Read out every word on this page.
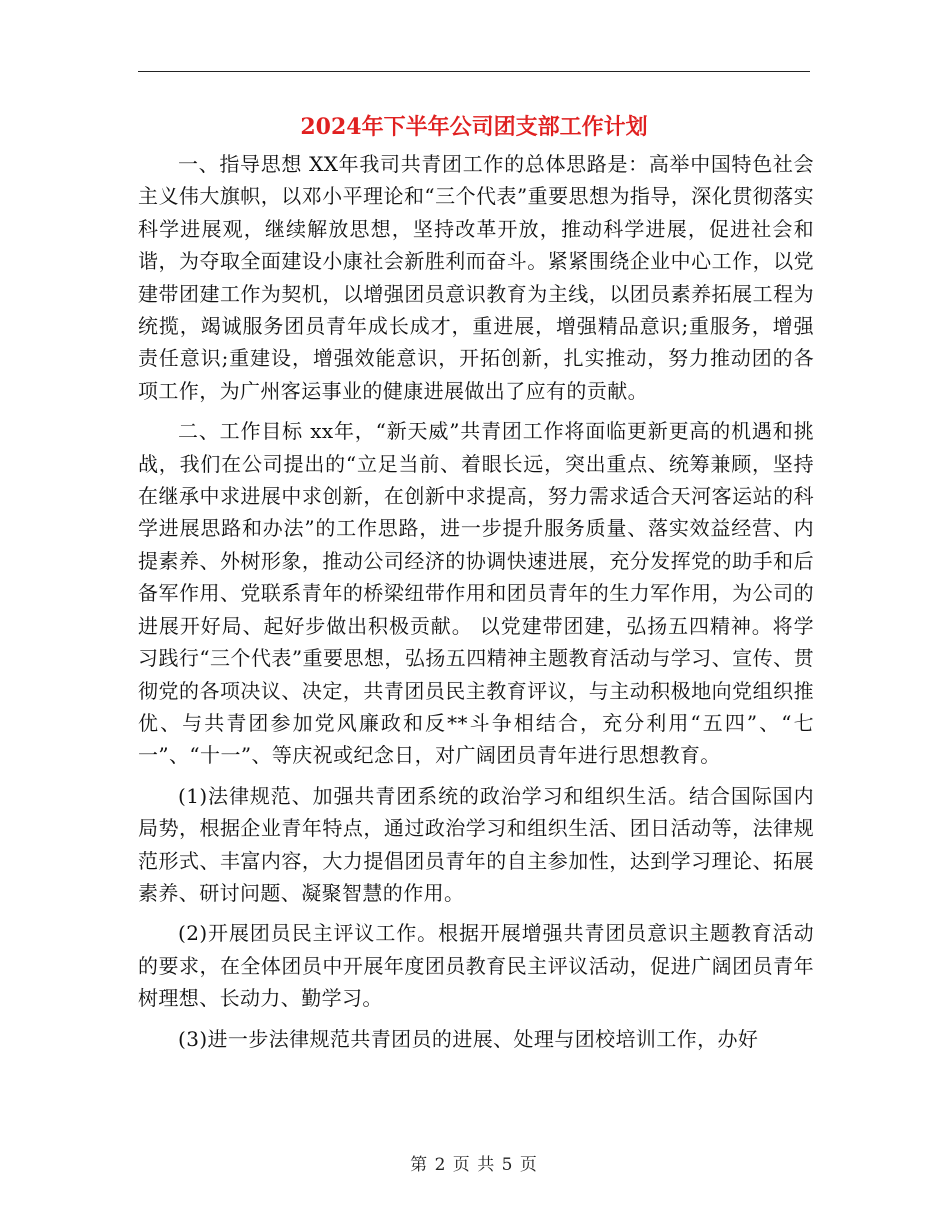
2024年下半年公司团支部工作计划

一、指导思想 XX年我司共青团工作的总体思路是：高举中国特色社会主义伟大旗帜，以邓小平理论和“三个代表”重要思想为指导，深化贯彻落实科学进展观，继续解放思想，坚持改革开放，推动科学进展，促进社会和谐，为夺取全面建设小康社会新胜利而奋斗。紧紧围绕企业中心工作，以党建带团建工作为契机，以增强团员意识教育为主线，以团员素养拓展工程为统揽，竭诚服务团员青年成长成才，重进展，增强精品意识;重服务，增强责任意识;重建设，增强效能意识，开拓创新，扎实推动，努力推动团的各项工作，为广州客运事业的健康进展做出了应有的贡献。

二、工作目标 xx年，“新天威”共青团工作将面临更新更高的机遇和挑战，我们在公司提出的“立足当前、着眼长远，突出重点、统筹兼顾，坚持在继承中求进展中求创新，在创新中求提高，努力需求适合天河客运站的科学进展思路和办法”的工作思路，进一步提升服务质量、落实效益经营、内提素养、外树形象，推动公司经济的协调快速进展，充分发挥党的助手和后备军作用、党联系青年的桥梁纽带作用和团员青年的生力军作用，为公司的进展开好局、起好步做出积极贡献。 以党建带团建，弘扬五四精神。将学习践行“三个代表”重要思想，弘扬五四精神主题教育活动与学习、宣传、贯彻党的各项决议、决定，共青团员民主教育评议，与主动积极地向党组织推优、与共青团参加党风廉政和反**斗争相结合，充分利用“五四”、“七一”、“十一”、等庆祝或纪念日，对广阔团员青年进行思想教育。

(1)法律规范、加强共青团系统的政治学习和组织生活。结合国际国内局势，根据企业青年特点，通过政治学习和组织生活、团日活动等，法律规范形式、丰富内容，大力提倡团员青年的自主参加性，达到学习理论、拓展素养、研讨问题、凝聚智慧的作用。

(2)开展团员民主评议工作。根据开展增强共青团员意识主题教育活动的要求，在全体团员中开展年度团员教育民主评议活动，促进广阔团员青年树理想、长动力、勤学习。

(3)进一步法律规范共青团员的进展、处理与团校培训工作，办好

第 2 页 共 5 页
